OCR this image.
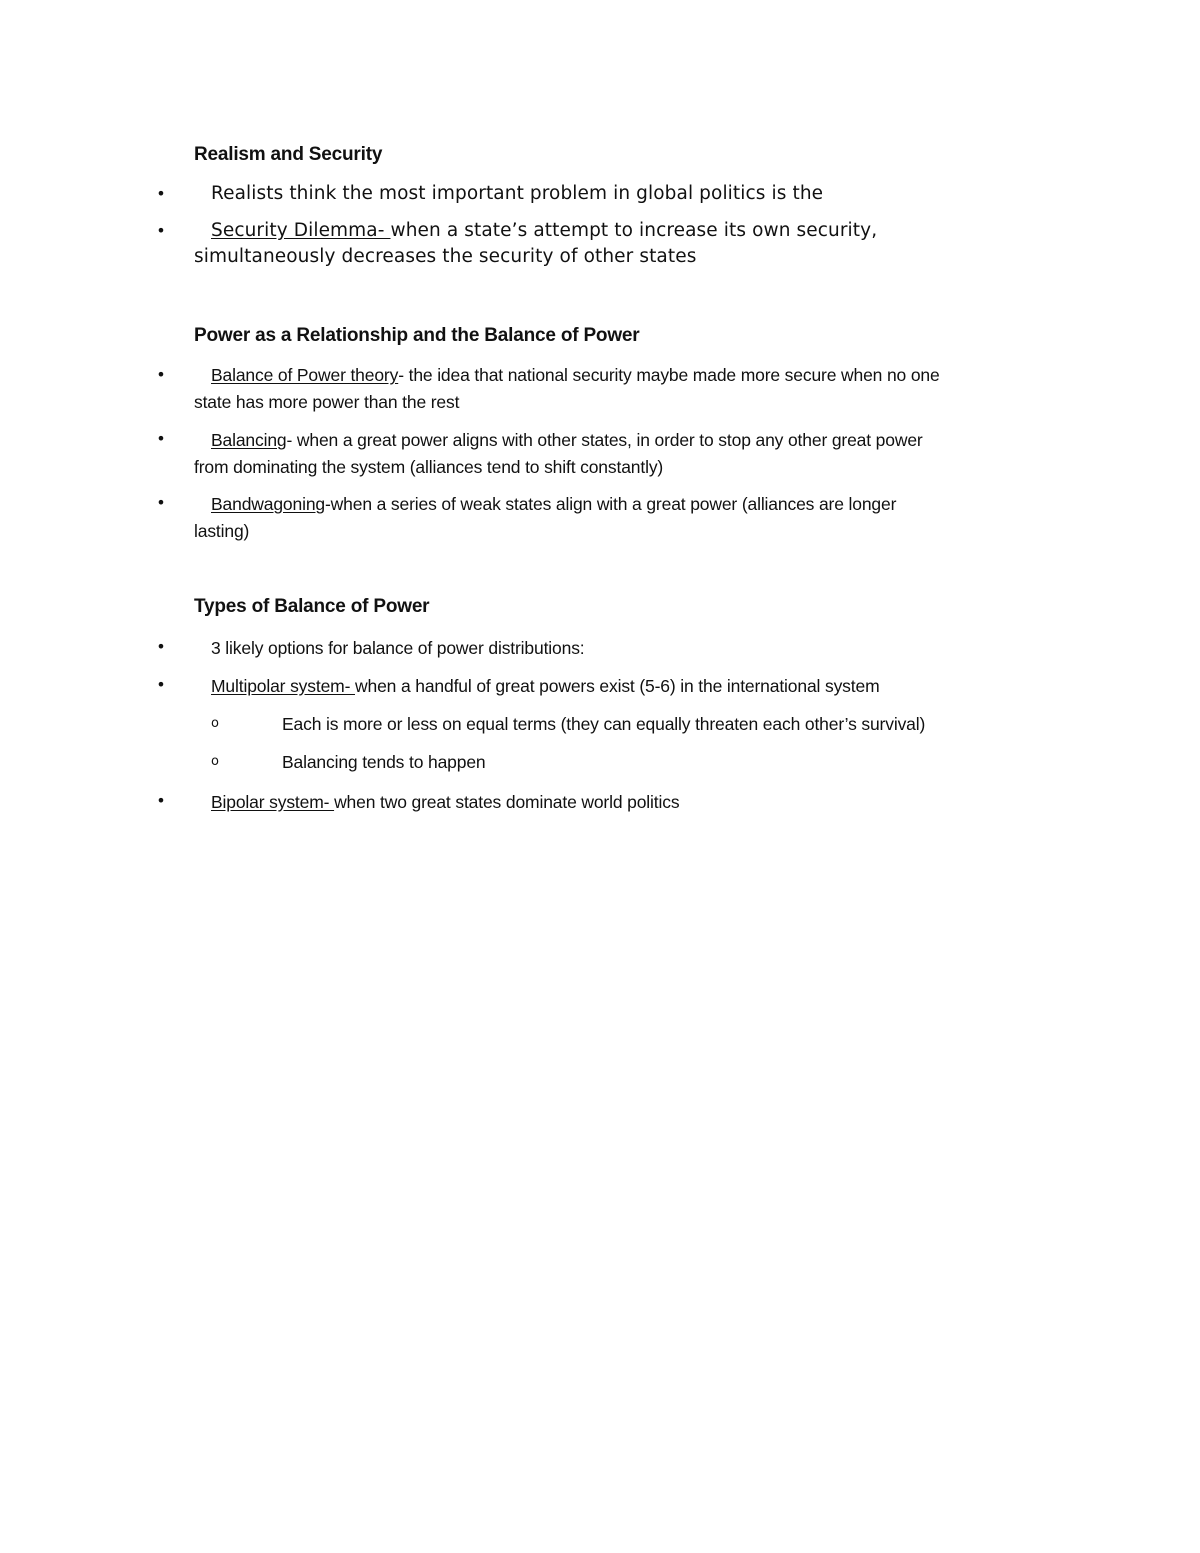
Realism and Security
•	Realists think the most important problem in global politics is the

•	Security Dilemma- when a state’s attempt to increase its own security,
simultaneously decreases the security of other states

Power as a Relationship and the Balance of Power
•	Balance of Power theory- the idea that national security maybe made more secure when no one
state has more power than the rest

•	Balancing- when a great power aligns with other states, in order to stop any other great power
from dominating the system (alliances tend to shift constantly)

•	Bandwagoning-when a series of weak states align with a great power (alliances are longer
lasting)

Types of Balance of Power
•	3 likely options for balance of power distributions:

•	Multipolar system- when a handful of great powers exist (5-6) in the international system

o	Each is more or less on equal terms (they can equally threaten each other’s survival)

o	Balancing tends to happen

•	Bipolar system- when two great states dominate world politics
